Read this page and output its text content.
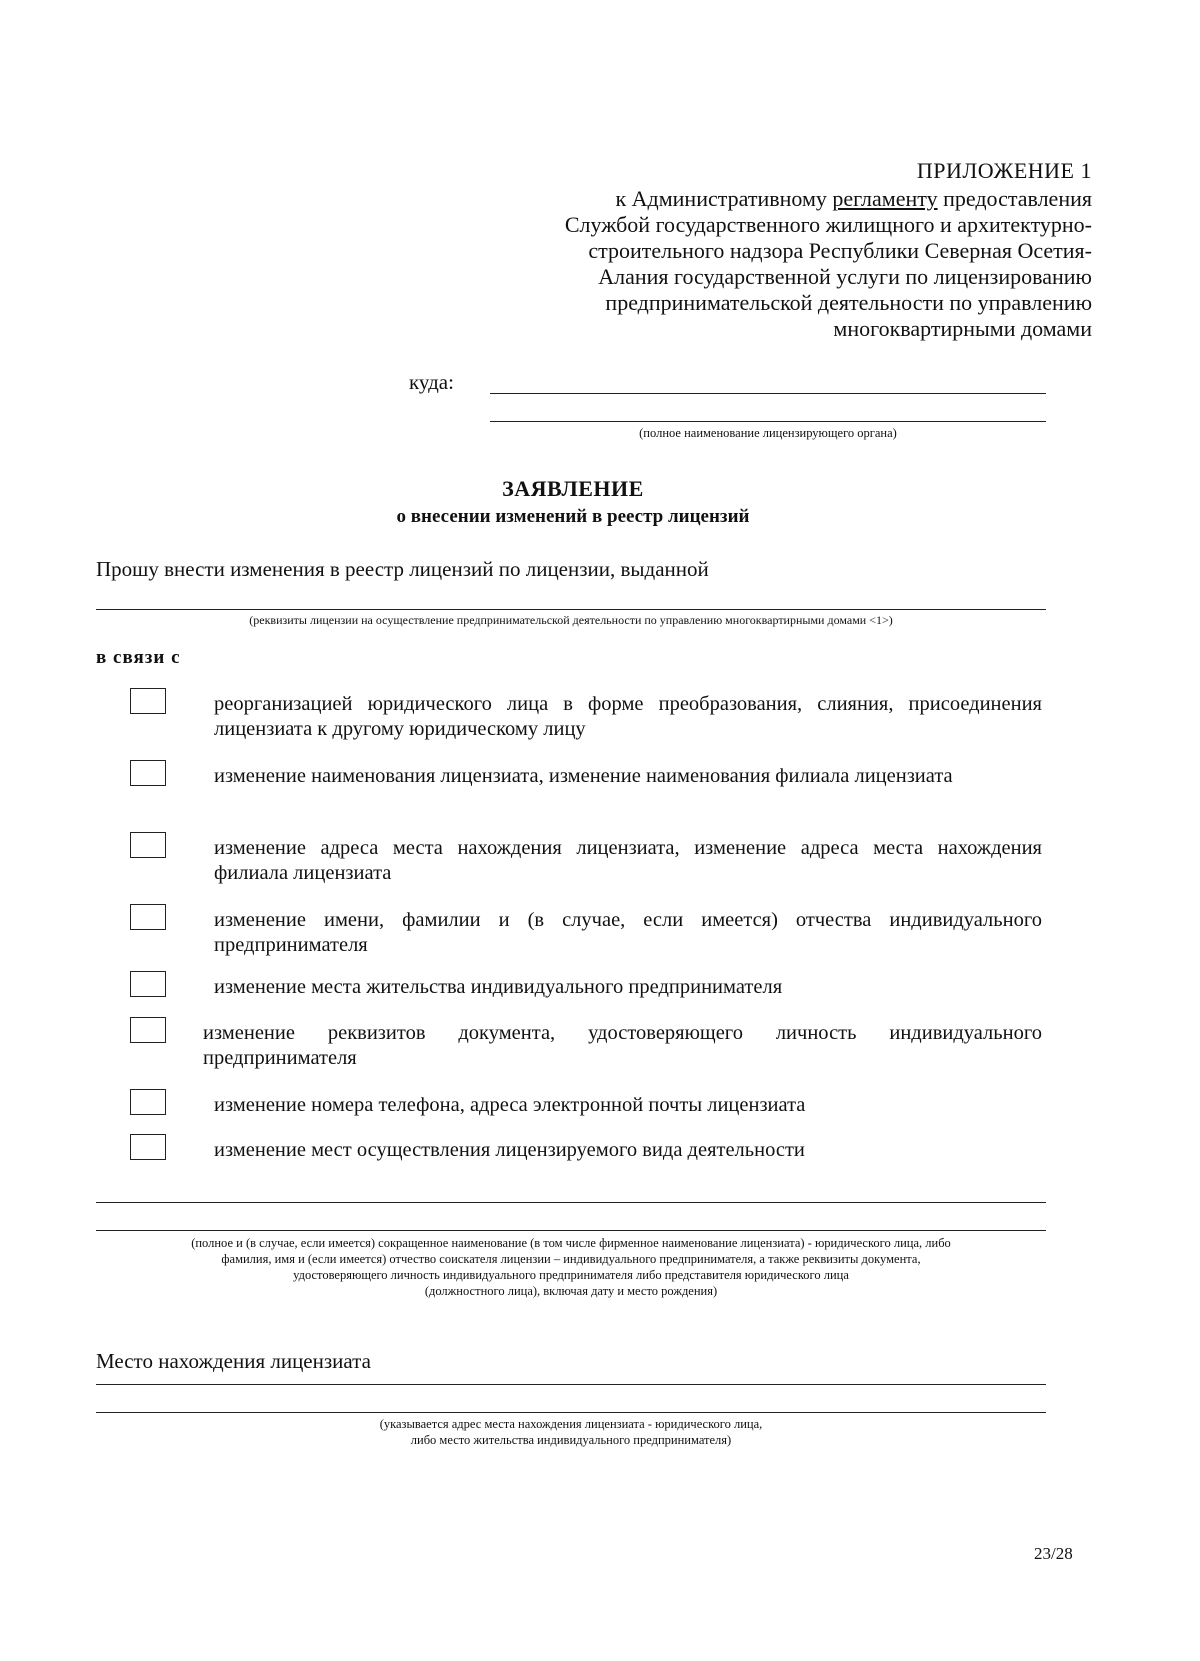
ПРИЛОЖЕНИЕ 1
к Административному регламенту предоставления
Службой государственного жилищного и архитектурно-
строительного надзора Республики Северная Осетия-
Алания государственной услуги по лицензированию
предпринимательской деятельности по управлению
многоквартирными домами
куда:
(полное наименование лицензирующего органа)
ЗАЯВЛЕНИЕ
о внесении изменений в реестр лицензий
Прошу внести изменения в реестр лицензий по лицензии, выданной
(реквизиты лицензии на осуществление предпринимательской деятельности по управлению многоквартирными домами <1>)
в связи с
реорганизацией юридического лица в форме преобразования, слияния, присоединения лицензиата к другому юридическому лицу
изменение наименования лицензиата, изменение наименования филиала лицензиата
изменение адреса места нахождения лицензиата, изменение адреса места нахождения филиала лицензиата
изменение имени, фамилии и (в случае, если имеется) отчества индивидуального предпринимателя
изменение места жительства индивидуального предпринимателя
изменение реквизитов документа, удостоверяющего личность индивидуального предпринимателя
изменение номера телефона, адреса электронной почты лицензиата
изменение мест осуществления лицензируемого вида деятельности
(полное и (в случае, если имеется) сокращенное наименование (в том числе фирменное наименование лицензиата) - юридического лица, либо
фамилия, имя и (если имеется) отчество соискателя лицензии – индивидуального предпринимателя, а также реквизиты документа,
удостоверяющего личность индивидуального предпринимателя либо представителя юридического лица
(должностного лица), включая дату и место рождения)
Место нахождения лицензиата
(указывается адрес места нахождения лицензиата - юридического лица,
либо место жительства индивидуального предпринимателя)
23/28
